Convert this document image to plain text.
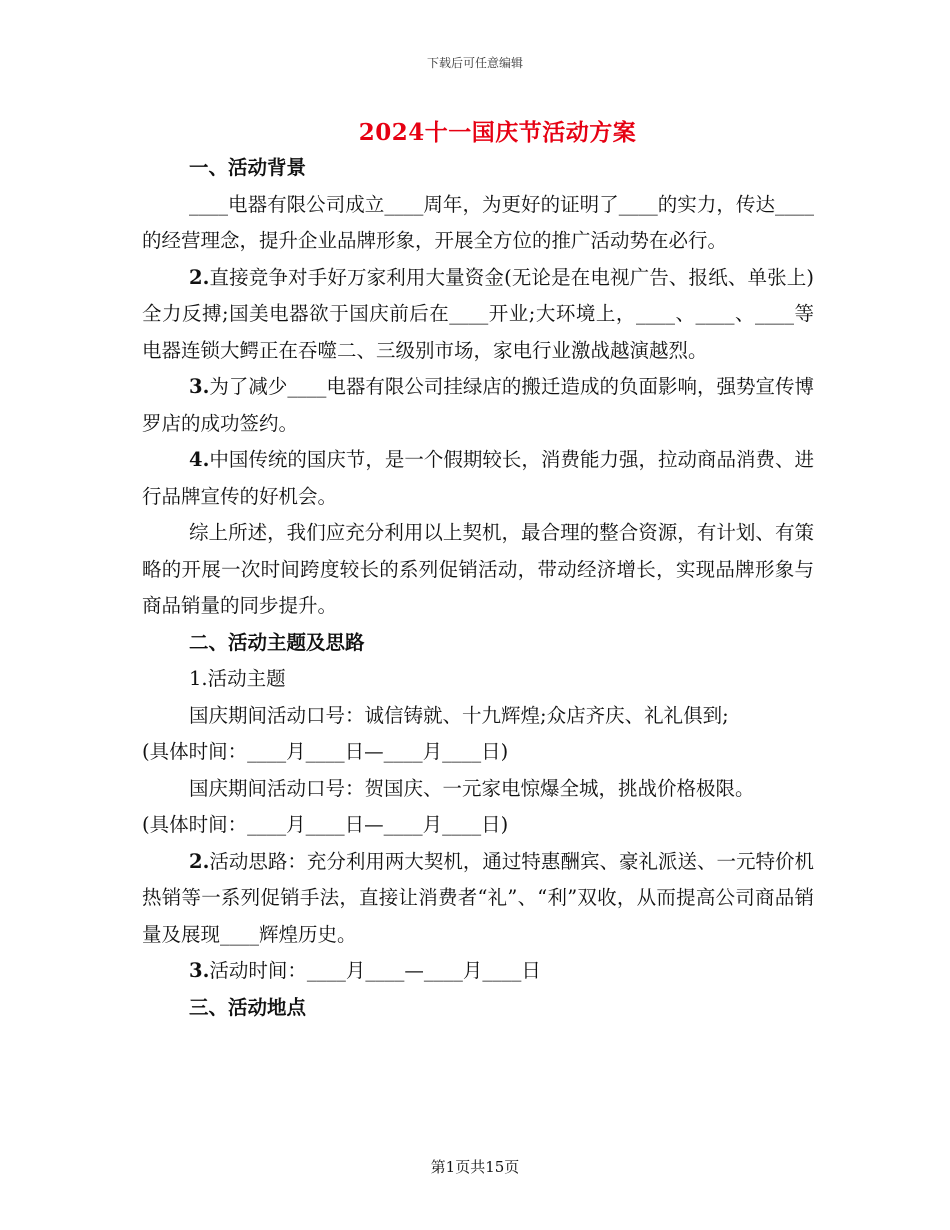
下载后可任意编辑
2024十一国庆节活动方案

一、活动背景

____电器有限公司成立____周年，为更好的证明了____的实力，传达____的经营理念，提升企业品牌形象，开展全方位的推广活动势在必行。

2.直接竞争对手好万家利用大量资金(无论是在电视广告、报纸、单张上)全力反搏;国美电器欲于国庆前后在____开业;大环境上，____、____、____等电器连锁大鳄正在吞噬二、三级别市场，家电行业激战越演越烈。

3.为了减少____电器有限公司挂绿店的搬迁造成的负面影响，强势宣传博罗店的成功签约。

4.中国传统的国庆节，是一个假期较长，消费能力强，拉动商品消费、进行品牌宣传的好机会。

综上所述，我们应充分利用以上契机，最合理的整合资源，有计划、有策略的开展一次时间跨度较长的系列促销活动，带动经济增长，实现品牌形象与商品销量的同步提升。

二、活动主题及思路

1.活动主题

国庆期间活动口号：诚信铸就、十九辉煌;众店齐庆、礼礼俱到;

(具体时间：____月____日—____月____日)

国庆期间活动口号：贺国庆、一元家电惊爆全城，挑战价格极限。

(具体时间：____月____日—____月____日)

2.活动思路：充分利用两大契机，通过特惠酬宾、豪礼派送、一元特价机热销等一系列促销手法，直接让消费者“礼”、“利”双收，从而提高公司商品销量及展现____辉煌历史。

3.活动时间：____月____—____月____日

三、活动地点

第1页共15页
